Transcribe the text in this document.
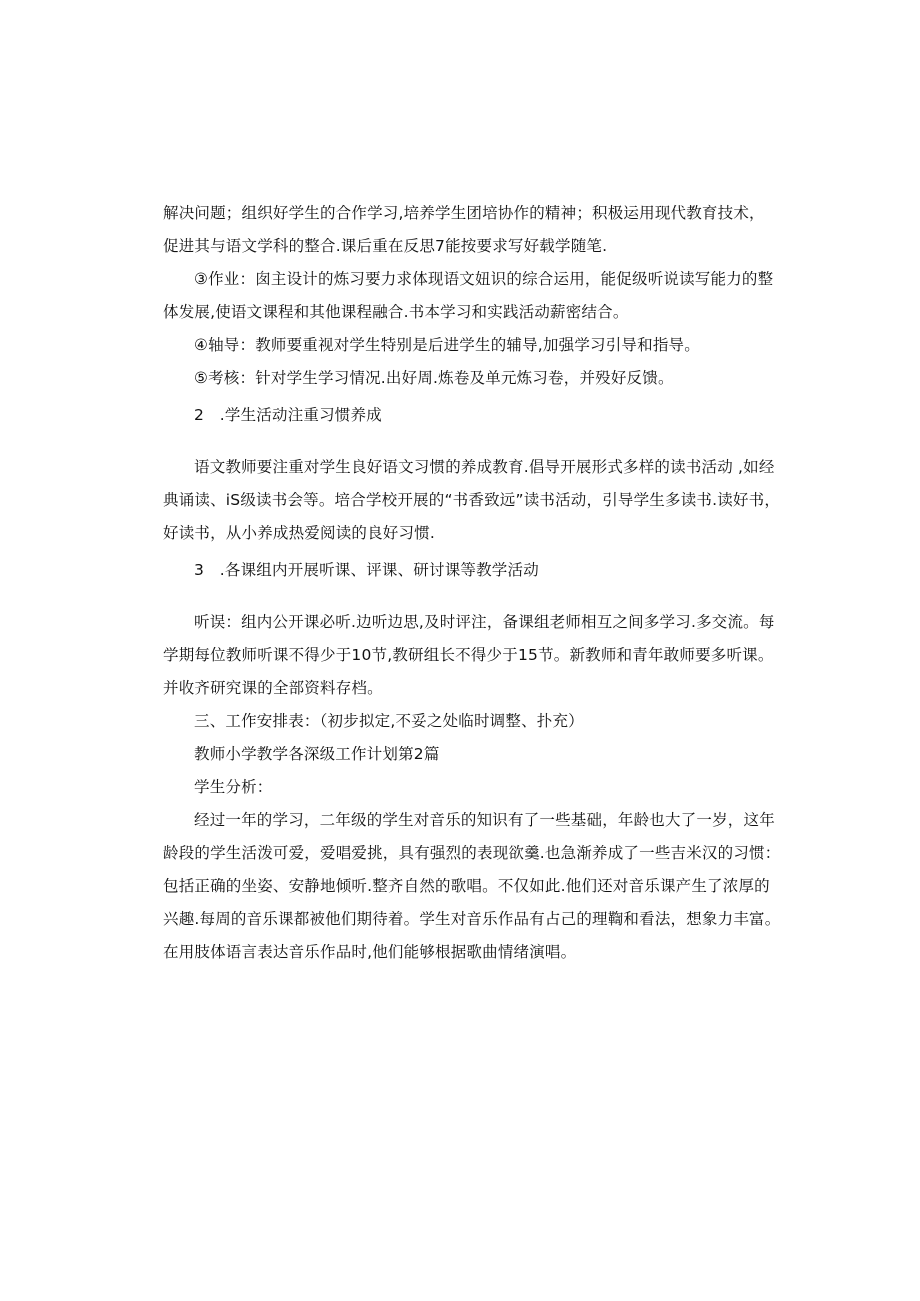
解决问题；组织好学生的合作学习,培养学生团培协作的精神；积极运用现代教育技术，
促进其与语文学科的整合.课后重在反思7能按要求写好载学随笔.
③作业：囱主设计的炼习要力求体现语文妞识的综合运用，能促级听说读写能力的整
体发展,使语文课程和其他课程融合.书本学习和实践活动薪密结合。
④轴导：教师要重视对学生特别是后进学生的辅导,加强学习引导和指导。
⑤考核：针对学生学习情况.出好周.炼卷及单元炼习卷，并殁好反馈。
2　.学生活动注重习惯养成
语文教师要注重对学生良好语文习惯的养成教育.倡导开展形式多样的读书活动 ,如经
典诵读、iS级读书会等。培合学校开展的“书香致远”读书活动，引导学生多读书.读好书，
好读书，从小养成热爱阅读的良好习惯.
3　.各课组内开展听课、评课、研讨课等教学活动
听误：组内公开课必听.边听边思,及时评注，备课组老师相互之间多学习.多交流。每
学期每位教师听课不得少于10节,教研组长不得少于15节。新教师和青年敢师要多听课。
并收齐研究课的全部资料存档。
三、工作安排表：（初步拟定,不妥之处临时调整、扑充）
教师小学教学各深级工作计划第2篇
学生分析：
经过一年的学习，二年级的学生对音乐的知识有了一些基础，年龄也大了一岁，这年
龄段的学生活泼可爱，爱唱爱挑，具有强烈的表现欲羹.也急渐养成了一些吉米汉的习惯：
包括正确的坐姿、安静地倾听.整齐自然的歌唱。不仅如此.他们还对音乐课产生了浓厚的
兴趣.每周的音乐课都被他们期待着。学生对音乐作品有占己的理鞫和看法，想象力丰富。
在用肢体语言表达音乐作品时,他们能够根据歌曲情绪演唱。
